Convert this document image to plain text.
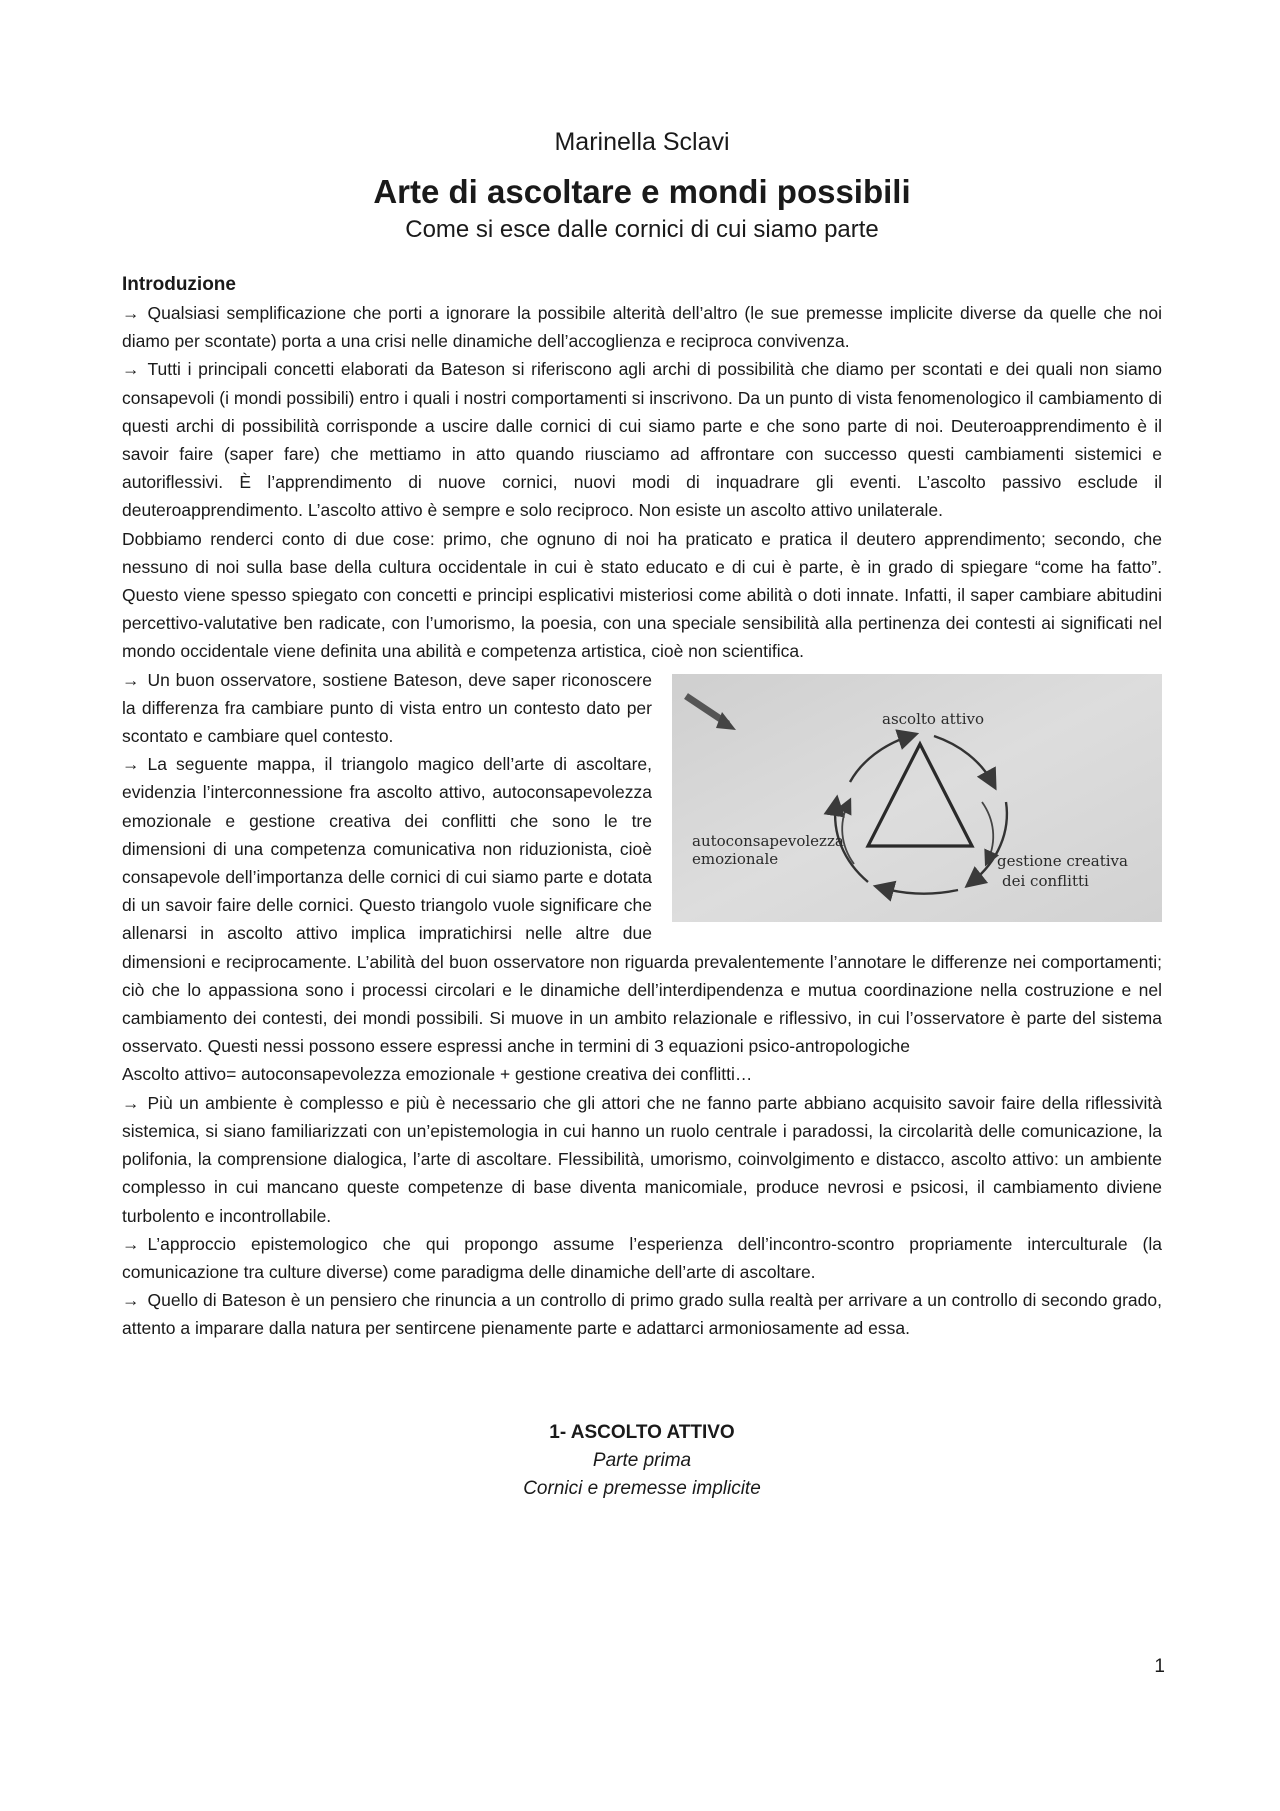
Marinella Sclavi
Arte di ascoltare e mondi possibili
Come si esce dalle cornici di cui siamo parte
Introduzione

→ Qualsiasi semplificazione che porti a ignorare la possibile alterità dell’altro (le sue premesse implicite diverse da quelle che noi diamo per scontate) porta a una crisi nelle dinamiche dell’accoglienza e reciproca convivenza.

→ Tutti i principali concetti elaborati da Bateson si riferiscono agli archi di possibilità che diamo per scontati e dei quali non siamo consapevoli (i mondi possibili) entro i quali i nostri comportamenti si inscrivono. Da un punto di vista fenomenologico il cambiamento di questi archi di possibilità corrisponde a uscire dalle cornici di cui siamo parte e che sono parte di noi. Deuteroapprendimento è il savoir faire (saper fare) che mettiamo in atto quando riusciamo ad affrontare con successo questi cambiamenti sistemici e autoriflessivi. È l’apprendimento di nuove cornici, nuovi modi di inquadrare gli eventi. L’ascolto passivo esclude il deuteroapprendimento. L’ascolto attivo è sempre e solo reciproco. Non esiste un ascolto attivo unilaterale.

Dobbiamo renderci conto di due cose: primo, che ognuno di noi ha praticato e pratica il deutero apprendimento; secondo, che nessuno di noi sulla base della cultura occidentale in cui è stato educato e di cui è parte, è in grado di spiegare “come ha fatto”. Questo viene spesso spiegato con concetti e principi esplicativi misteriosi come abilità o doti innate. Infatti, il saper cambiare abitudini percettivo-valutative ben radicate, con l’umorismo, la poesia, con una speciale sensibilità alla pertinenza dei contesti ai significati nel mondo occidentale viene definita una abilità e competenza artistica, cioè non scientifica.

ascolto attivo
autoconsapevolezza
emozionale	gestione creativa
dei conflitti

→ Un buon osservatore, sostiene Bateson, deve saper riconoscere la differenza fra cambiare punto di vista entro un contesto dato per scontato e cambiare quel contesto.

→ La seguente mappa, il triangolo magico dell’arte di ascoltare, evidenzia l’interconnessione fra ascolto attivo, autoconsapevolezza emozionale e gestione creativa dei conflitti che sono le tre dimensioni di una competenza comunicativa non riduzionista, cioè consapevole dell’importanza delle cornici di cui siamo parte e dotata di un savoir faire delle cornici. Questo triangolo vuole significare che allenarsi in ascolto attivo implica impratichirsi nelle altre due dimensioni e reciprocamente. L’abilità del buon osservatore non riguarda prevalentemente l’annotare le differenze nei comportamenti; ciò che lo appassiona sono i processi circolari e le dinamiche dell’interdipendenza e mutua coordinazione nella costruzione e nel cambiamento dei contesti, dei mondi possibili. Si muove in un ambito relazionale e riflessivo, in cui l’osservatore è parte del sistema osservato. Questi nessi possono essere espressi anche in termini di 3 equazioni psico-antropologiche

Ascolto attivo= autoconsapevolezza emozionale + gestione creativa dei conflitti…

→ Più un ambiente è complesso e più è necessario che gli attori che ne fanno parte abbiano acquisito savoir faire della riflessività sistemica, si siano familiarizzati con un’epistemologia in cui hanno un ruolo centrale i paradossi, la circolarità delle comunicazione, la polifonia, la comprensione dialogica, l’arte di ascoltare. Flessibilità, umorismo, coinvolgimento e distacco, ascolto attivo: un ambiente complesso in cui mancano queste competenze di base diventa manicomiale, produce nevrosi e psicosi, il cambiamento diviene turbolento e incontrollabile.

→ L’approccio epistemologico che qui propongo assume l’esperienza dell’incontro-scontro propriamente interculturale (la comunicazione tra culture diverse) come paradigma delle dinamiche dell’arte di ascoltare.

→ Quello di Bateson è un pensiero che rinuncia a un controllo di primo grado sulla realtà per arrivare a un controllo di secondo grado, attento a imparare dalla natura per sentircene pienamente parte e adattarci armoniosamente ad essa.

1- ASCOLTO ATTIVO
Parte prima
Cornici e premesse implicite
1
